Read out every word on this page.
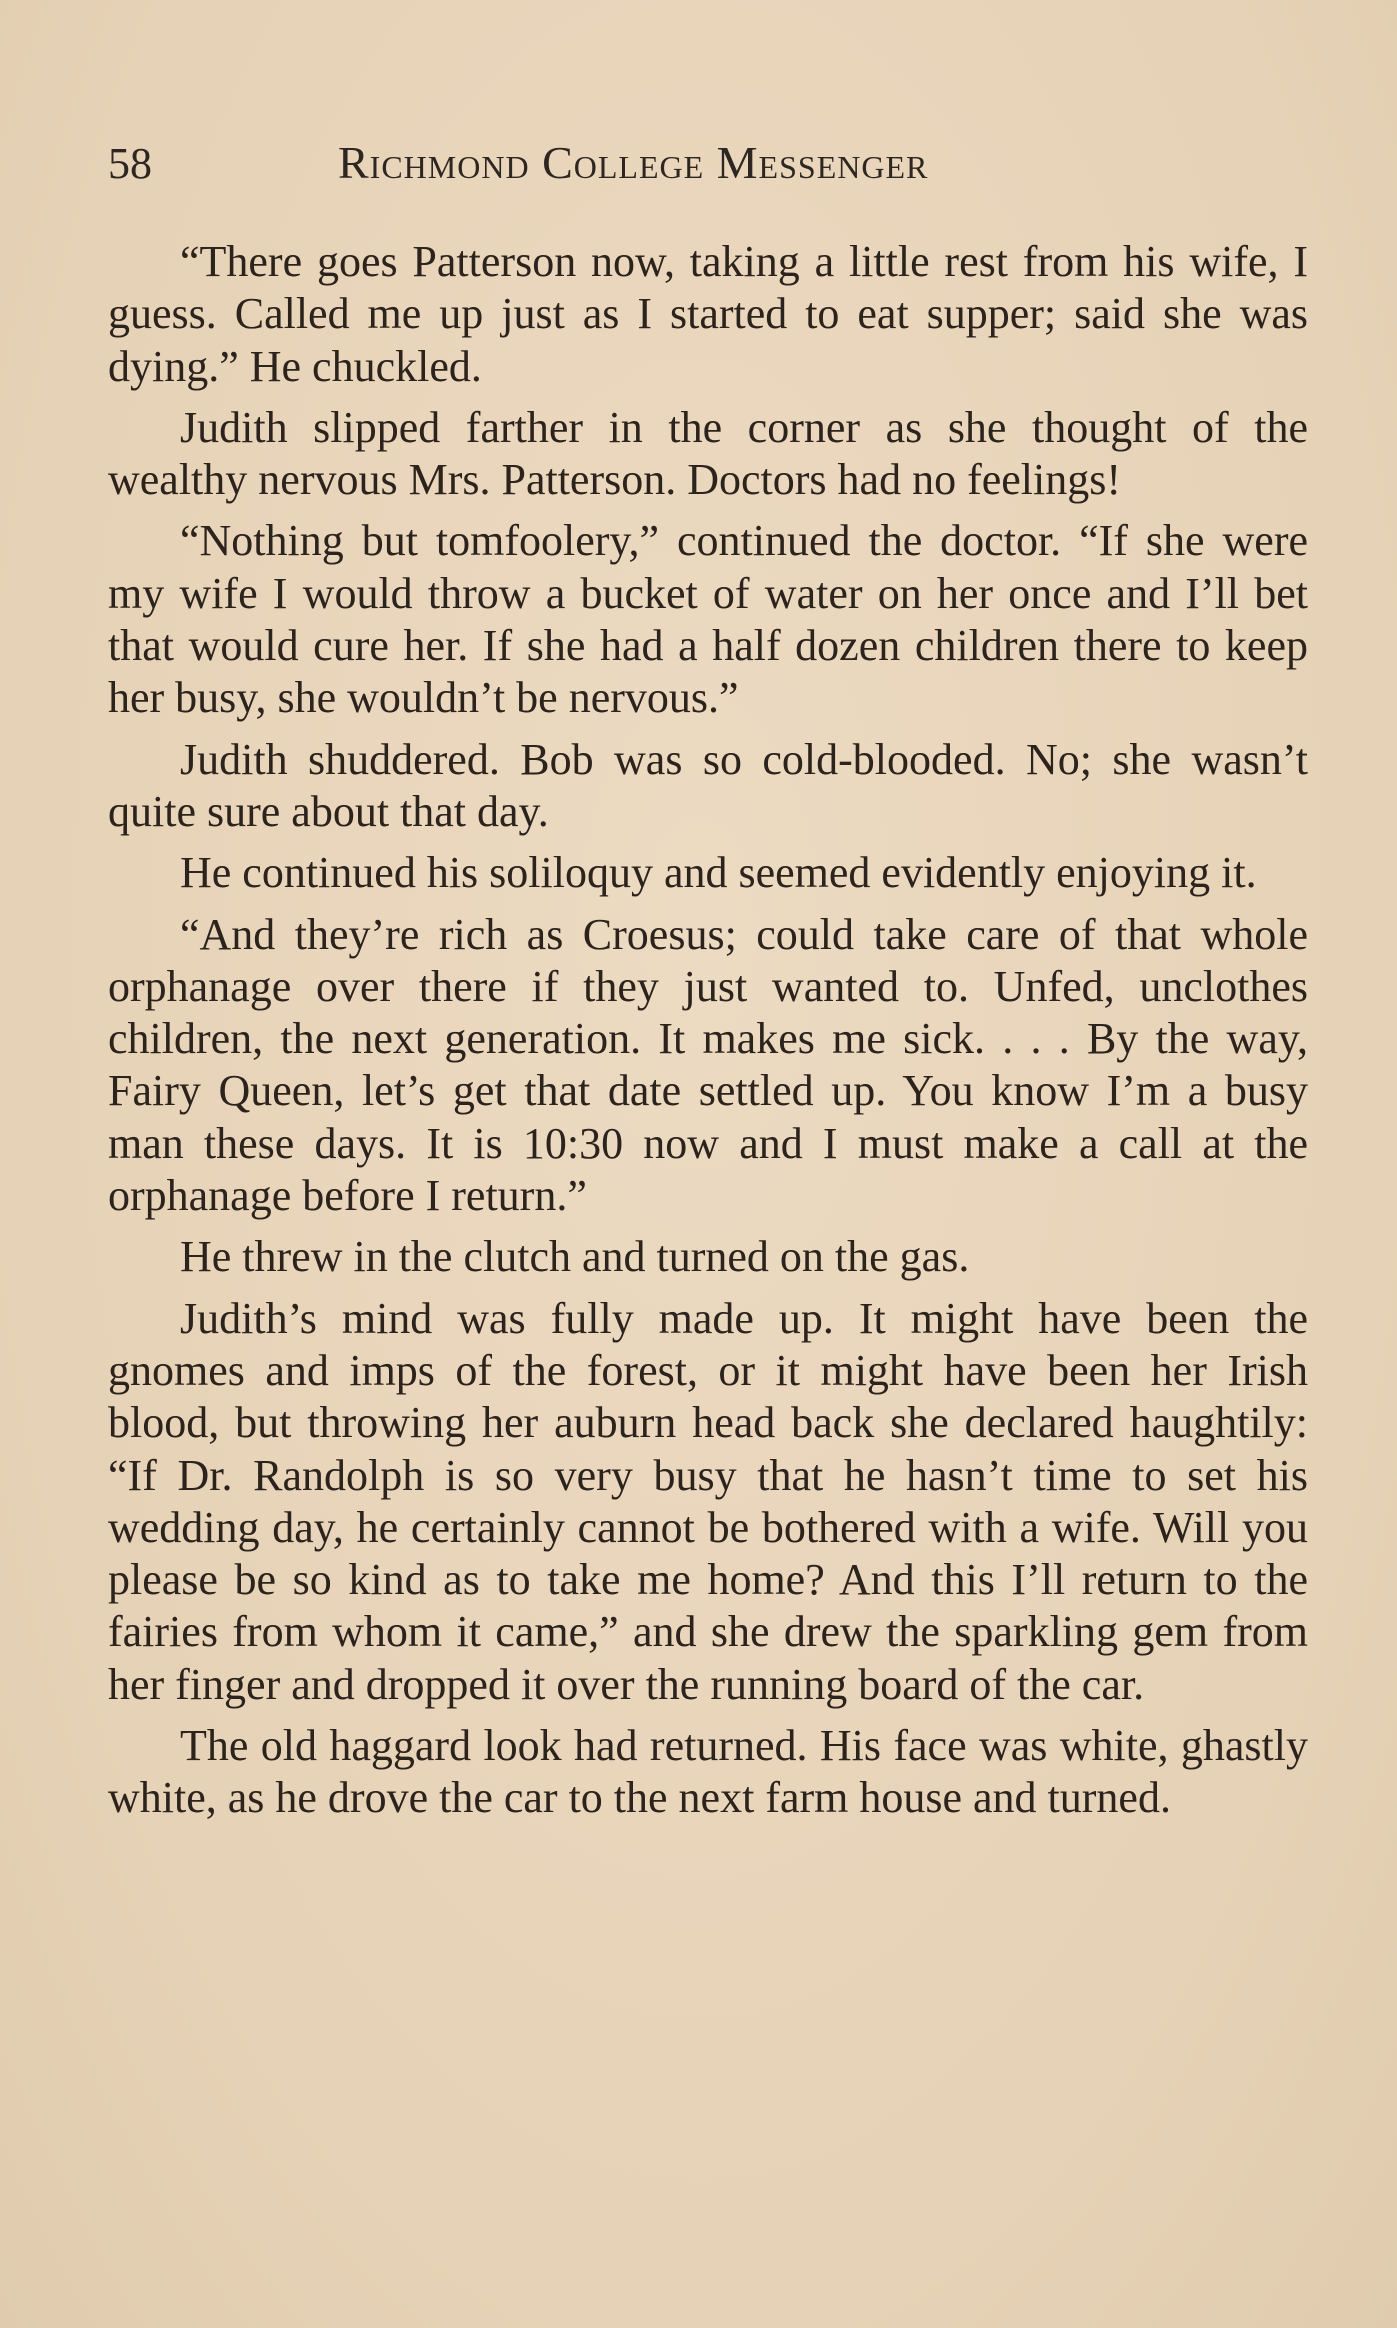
58	Richmond College Messenger

“There goes Patterson now, taking a little rest from his wife, I guess. Called me up just as I started to eat supper; said she was dying.” He chuckled.

Judith slipped farther in the corner as she thought of the wealthy nervous Mrs. Patterson. Doctors had no feelings!

“Nothing but tomfoolery,” continued the doctor. “If she were my wife I would throw a bucket of water on her once and I’ll bet that would cure her. If she had a half dozen children there to keep her busy, she wouldn’t be nervous.”

Judith shuddered. Bob was so cold-blooded. No; she wasn’t quite sure about that day.

He continued his soliloquy and seemed evidently enjoying it.

“And they’re rich as Croesus; could take care of that whole orphanage over there if they just wanted to. Unfed, unclothes children, the next generation. It makes me sick. . . . By the way, Fairy Queen, let’s get that date settled up. You know I’m a busy man these days. It is 10:30 now and I must make a call at the orphanage before I return.”

He threw in the clutch and turned on the gas.

Judith’s mind was fully made up. It might have been the gnomes and imps of the forest, or it might have been her Irish blood, but throwing her auburn head back she declared haughtily: “If Dr. Randolph is so very busy that he hasn’t time to set his wedding day, he certainly cannot be bothered with a wife. Will you please be so kind as to take me home? And this I’ll return to the fairies from whom it came,” and she drew the sparkling gem from her finger and dropped it over the running board of the car.

The old haggard look had returned. His face was white, ghastly white, as he drove the car to the next farm house and turned.
